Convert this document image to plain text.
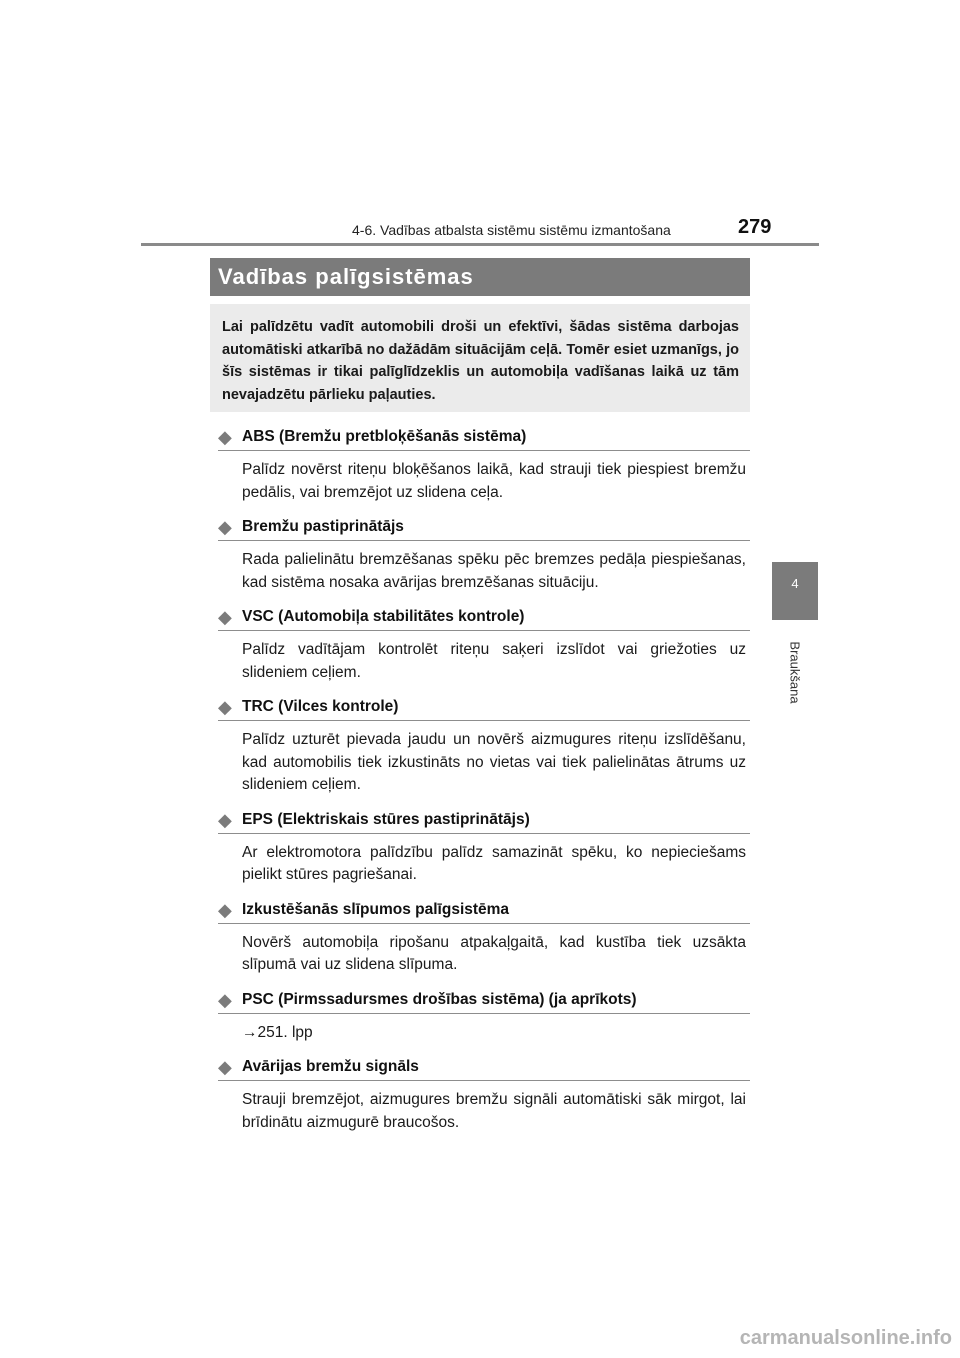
4-6. Vadības atbalsta sistēmu sistēmu izmantošana	279
4
Braukšana
Vadības palīgsistēmas
Lai palīdzētu vadīt automobili droši un efektīvi, šādas sistēma darbojas automātiski atkarībā no dažādām situācijām ceļā. Tomēr esiet uzmanīgs, jo šīs sistēmas ir tikai palīglīdzeklis un automobiļa vadīšanas laikā uz tām nevajadzētu pārlieku paļauties.
◆ ABS (Bremžu pretbloķēšanās sistēma)
Palīdz novērst riteņu bloķēšanos laikā, kad strauji tiek piespiest bremžu pedālis, vai bremzējot uz slidena ceļa.
◆ Bremžu pastiprinātājs
Rada palielinātu bremzēšanas spēku pēc bremzes pedāļa piespiešanas, kad sistēma nosaka avārijas bremzēšanas situāciju.
◆ VSC (Automobiļa stabilitātes kontrole)
Palīdz vadītājam kontrolēt riteņu saķeri izslīdot vai griežoties uz slideniem ceļiem.
◆ TRC (Vilces kontrole)
Palīdz uzturēt pievada jaudu un novērš aizmugures riteņu izslīdēšanu, kad automobilis tiek izkustināts no vietas vai tiek palielinātas ātrums uz slideniem ceļiem.
◆ EPS (Elektriskais stūres pastiprinātājs)
Ar elektromotora palīdzību palīdz samazināt spēku, ko nepieciešams pielikt stūres pagriešanai.
◆ Izkustēšanās slīpumos palīgsistēma
Novērš automobiļa ripošanu atpakaļgaitā, kad kustība tiek uzsākta slīpumā vai uz slidena slīpuma.
◆ PSC (Pirmssadursmes drošības sistēma) (ja aprīkots)
→251. lpp
◆ Avārijas bremžu signāls
Strauji bremzējot, aizmugures bremžu signāli automātiski sāk mirgot, lai brīdinātu aizmugurē braucošos.
carmanualsonline.info
